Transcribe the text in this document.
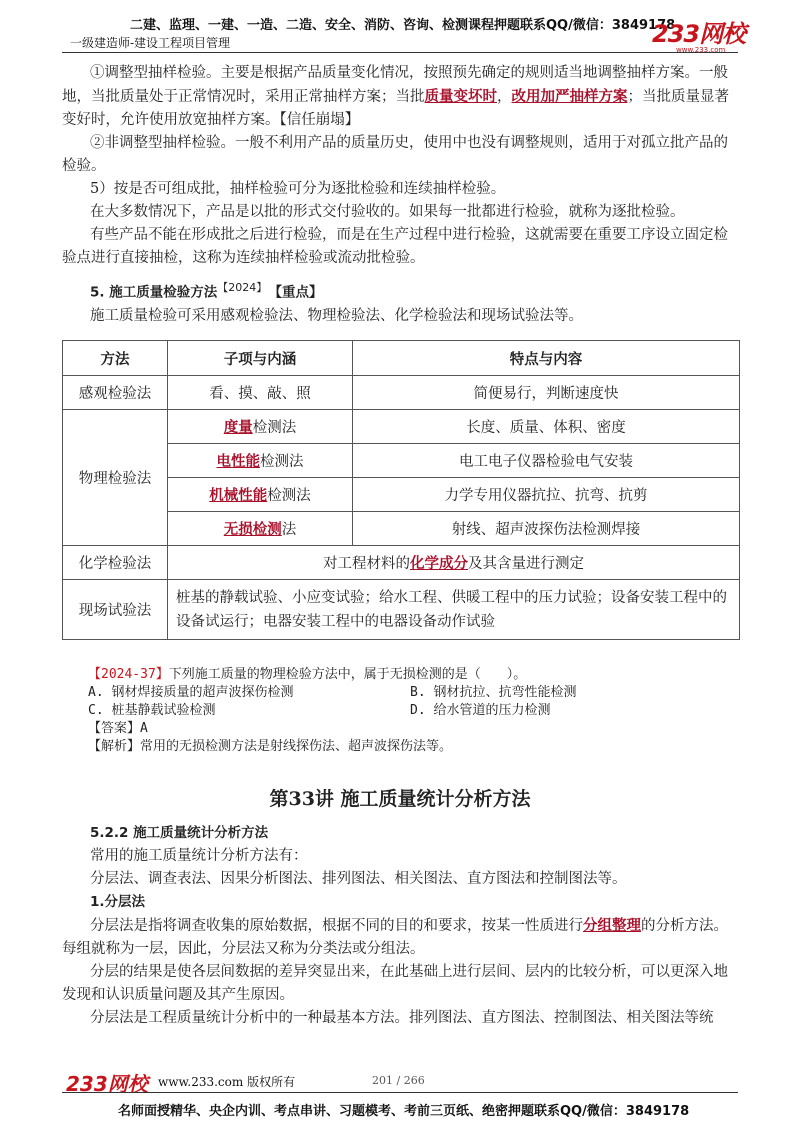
二建、监理、一建、一造、二造、安全、消防、咨询、检测课程押题联系QQ/微信：3849178
一级建造师-建设工程项目管理	233网校
www.233.com

①调整型抽样检验。主要是根据产品质量变化情况，按照预先确定的规则适当地调整抽样方案。一般地，当批质量处于正常情况时，采用正常抽样方案；当批质量变坏时，改用加严抽样方案；当批质量显著变好时，允许使用放宽抽样方案。【信任崩塌】

②非调整型抽样检验。一般不利用产品的质量历史，使用中也没有调整规则，适用于对孤立批产品的检验。

5）按是否可组成批，抽样检验可分为逐批检验和连续抽样检验。

在大多数情况下，产品是以批的形式交付验收的。如果每一批都进行检验，就称为逐批检验。

有些产品不能在形成批之后进行检验，而是在生产过程中进行检验，这就需要在重要工序设立固定检验点进行直接抽检，这称为连续抽样检验或流动批检验。

5. 施工质量检验方法$^{【2024】}$　 【重点】

施工质量检验可采用感观检验法、物理检验法、化学检验法和现场试验法等。

方法	子项与内涵	特点与内容
感观检验法	看、摸、敲、照	简便易行，判断速度快
物理检验法	度量检测法	长度、质量、体积、密度
	电性能检测法	电工电子仪器检验电气安装
	机械性能检测法	力学专用仪器抗拉、抗弯、抗剪
	无损检测法	射线、超声波探伤法检测焊接
化学检验法	对工程材料的化学成分及其含量进行测定	
现场试验法	桩基的静载试验、小应变试验；给水工程、供暖工程中的压力试验；设备安装工程中的设备试运行；电器安装工程中的电器设备动作试验	
【2024-37】下列施工质量的物理检验方法中，属于无损检测的是（　　）。
A. 钢材焊接质量的超声波探伤检测	B. 钢材抗拉、抗弯性能检测
C. 桩基静载试验检测	D. 给水管道的压力检测
【答案】A
【解析】常用的无损检测方法是射线探伤法、超声波探伤法等。
第33讲 施工质量统计分析方法

5.2.2 施工质量统计分析方法

常用的施工质量统计分析方法有：

分层法、调查表法、因果分析图法、排列图法、相关图法、直方图法和控制图法等。

1.分层法

分层法是指将调查收集的原始数据，根据不同的目的和要求，按某一性质进行分组整理的分析方法。每组就称为一层，因此，分层法又称为分类法或分组法。

分层的结果是使各层间数据的差异突显出来，在此基础上进行层间、层内的比较分析，可以更深入地发现和认识质量问题及其产生原因。

分层法是工程质量统计分析中的一种最基本方法。排列图法、直方图法、控制图法、相关图法等统

233网校 www.233.com 版权所有	201 / 266
名师面授精华、央企内训、考点串讲、习题模考、考前三页纸、绝密押题联系QQ/微信：3849178
